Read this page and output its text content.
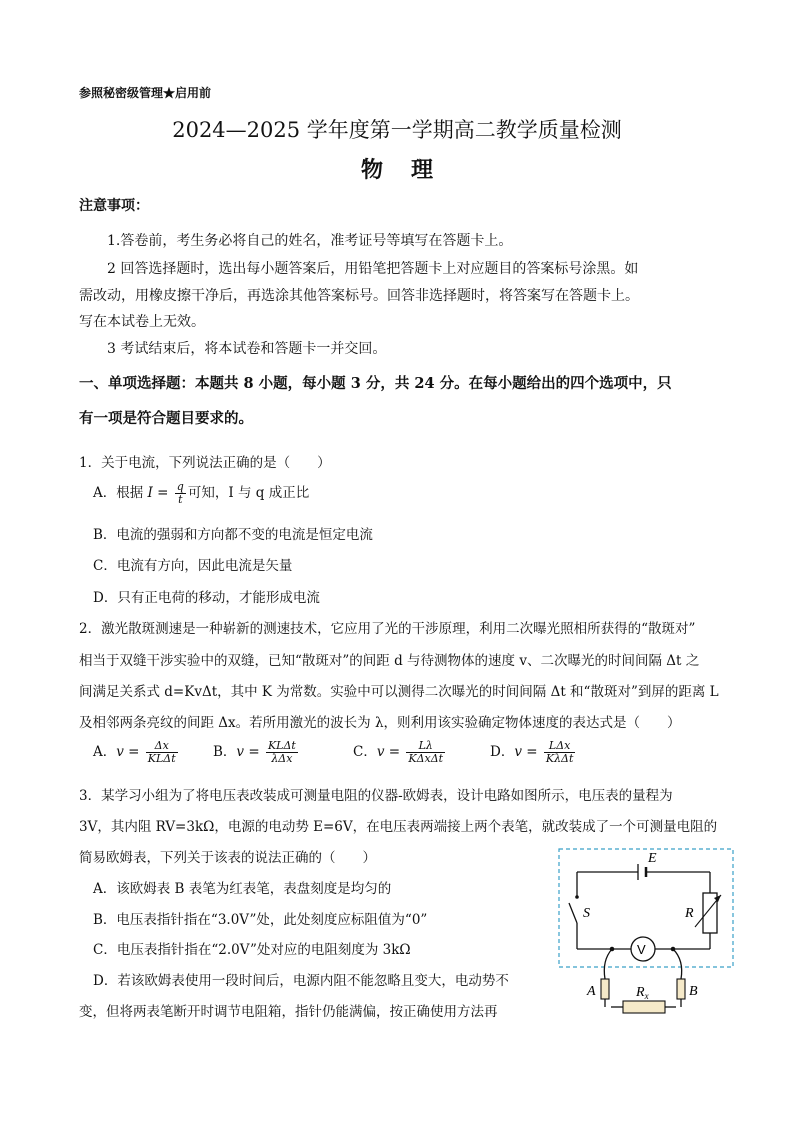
参照秘密级管理★启用前
2024—2025 学年度第一学期高二教学质量检测
物理
注意事项：
1.答卷前，考生务必将自己的姓名，准考证号等填写在答题卡上。
2 回答选择题时，选出每小题答案后，用铅笔把答题卡上对应题目的答案标号涂黑。如
需改动，用橡皮擦干净后，再选涂其他答案标号。回答非选择题时，将答案写在答题卡上。
写在本试卷上无效。
3 考试结束后，将本试卷和答题卡一并交回。
一、单项选择题：本题共 8 小题，每小题 3 分，共 24 分。在每小题给出的四个选项中，只
有一项是符合题目要求的。
1．关于电流，下列说法正确的是（　　）
A．根据 $I = \frac{q}{t}$ 可知，I 与 q 成正比
B．电流的强弱和方向都不变的电流是恒定电流
C．电流有方向，因此电流是矢量
D．只有正电荷的移动，才能形成电流
2．激光散斑测速是一种崭新的测速技术，它应用了光的干涉原理，利用二次曝光照相所获得的“散斑对”
相当于双缝干涉实验中的双缝，已知“散斑对”的间距 d 与待测物体的速度 v、二次曝光的时间间隔 Δt 之
间满足关系式 d=KvΔt，其中 K 为常数。实验中可以测得二次曝光的时间间隔 Δt 和“散斑对”到屏的距离 L
及相邻两条亮纹的间距 Δx。若所用激光的波长为 λ，则利用该实验确定物体速度的表达式是（　　）
A．$v = \frac{\Delta x}{\text{KLΔt}}$	B．$v = \frac{\text{KLΔt}}{\text{λΔx}}$	C．$v = \frac{L\lambda}{\text{KΔxΔt}}$	D．$v = \frac{\text{LΔx}}{\text{KλΔt}}$
3．某学习小组为了将电压表改装成可测量电阻的仪器-欧姆表，设计电路如图所示，电压表的量程为
3V，其内阻 RV=3kΩ，电源的电动势 E=6V，在电压表两端接上两个表笔，就改装成了一个可测量电阻的
简易欧姆表，下列关于该表的说法正确的（　　）
A．该欧姆表 B 表笔为红表笔，表盘刻度是均匀的
B．电压表指针指在“3.0V”处，此处刻度应标阻值为“0”
C．电压表指针指在“2.0V”处对应的电阻刻度为 3kΩ
D．若该欧姆表使用一段时间后，电源内阻不能忽略且变大，电动势不
变，但将两表笔断开时调节电阻箱，指针仍能满偏，按正确使用方法再
E
S	R
V
A	B
$R_x$
